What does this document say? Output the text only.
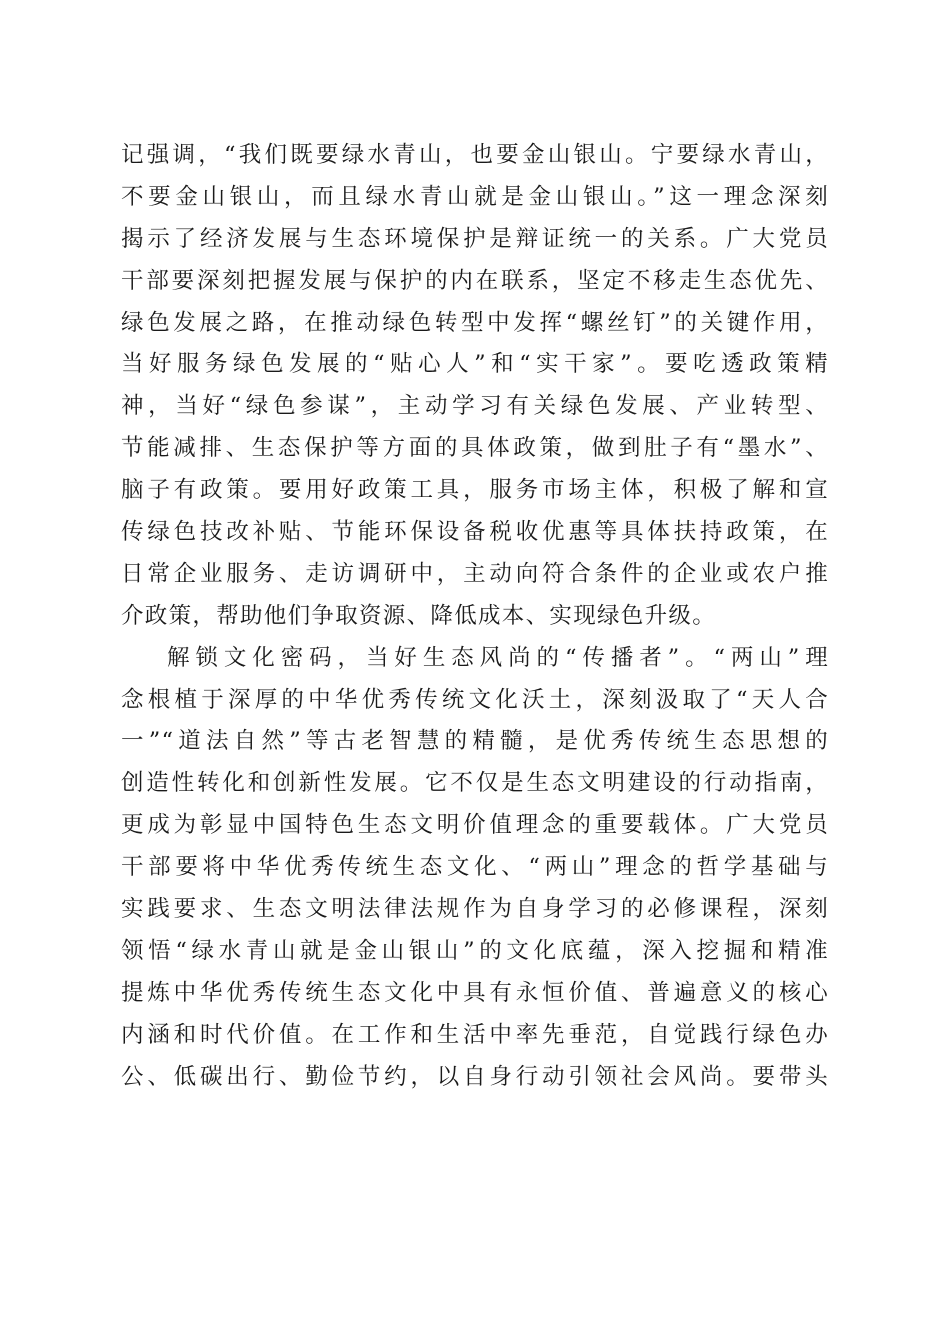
记强调，“我们既要绿水青山，也要金山银山。宁要绿水青山，
不要金山银山，而且绿水青山就是金山银山。”这一理念深刻
揭示了经济发展与生态环境保护是辩证统一的关系。广大党员
干部要深刻把握发展与保护的内在联系，坚定不移走生态优先、
绿色发展之路，在推动绿色转型中发挥“螺丝钉”的关键作用，
当好服务绿色发展的“贴心人”和“实干家”。要吃透政策精
神，当好“绿色参谋”，主动学习有关绿色发展、产业转型、
节能减排、生态保护等方面的具体政策，做到肚子有“墨水”、
脑子有政策。要用好政策工具，服务市场主体，积极了解和宣
传绿色技改补贴、节能环保设备税收优惠等具体扶持政策，在
日常企业服务、走访调研中，主动向符合条件的企业或农户推
介政策，帮助他们争取资源、降低成本、实现绿色升级。
解锁文化密码，当好生态风尚的“传播者”。“两山”理
念根植于深厚的中华优秀传统文化沃土，深刻汲取了“天人合
一”“道法自然”等古老智慧的精髓，是优秀传统生态思想的
创造性转化和创新性发展。它不仅是生态文明建设的行动指南，
更成为彰显中国特色生态文明价值理念的重要载体。广大党员
干部要将中华优秀传统生态文化、“两山”理念的哲学基础与
实践要求、生态文明法律法规作为自身学习的必修课程，深刻
领悟“绿水青山就是金山银山”的文化底蕴，深入挖掘和精准
提炼中华优秀传统生态文化中具有永恒价值、普遍意义的核心
内涵和时代价值。在工作和生活中率先垂范，自觉践行绿色办
公、低碳出行、勤俭节约，以自身行动引领社会风尚。要带头
